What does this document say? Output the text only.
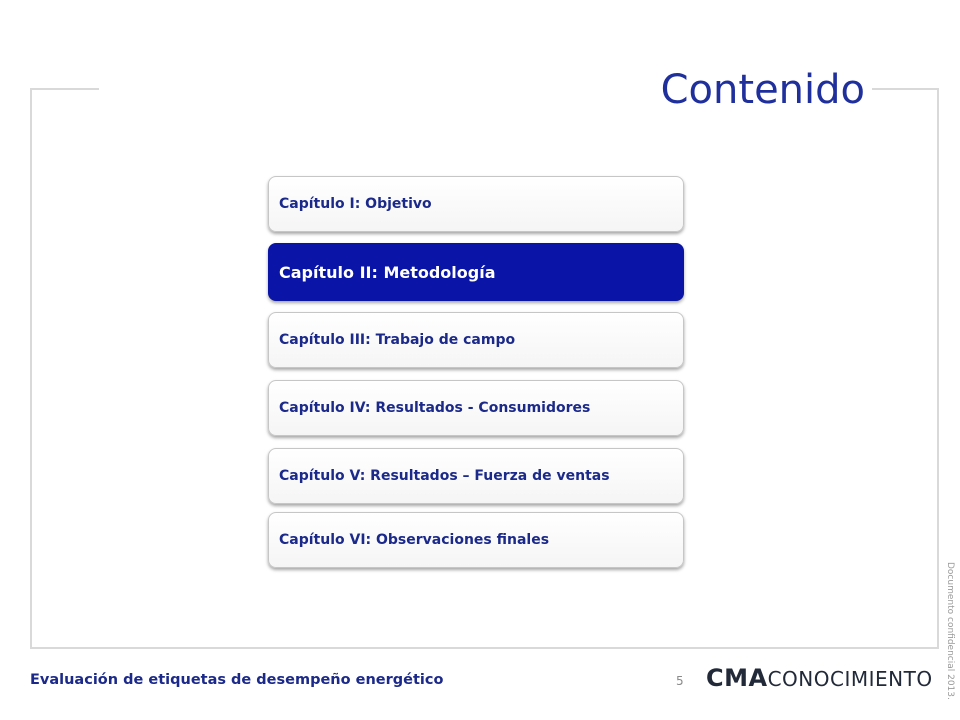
Contenido
Capítulo I: Objetivo
Capítulo II: Metodología
Capítulo III: Trabajo de campo
Capítulo IV: Resultados - Consumidores
Capítulo V: Resultados – Fuerza de ventas
Capítulo VI: Observaciones finales
Evaluación de etiquetas de desempeño energético	5 CMA CONOCIMIENTO	Documento confidencial 2013.
